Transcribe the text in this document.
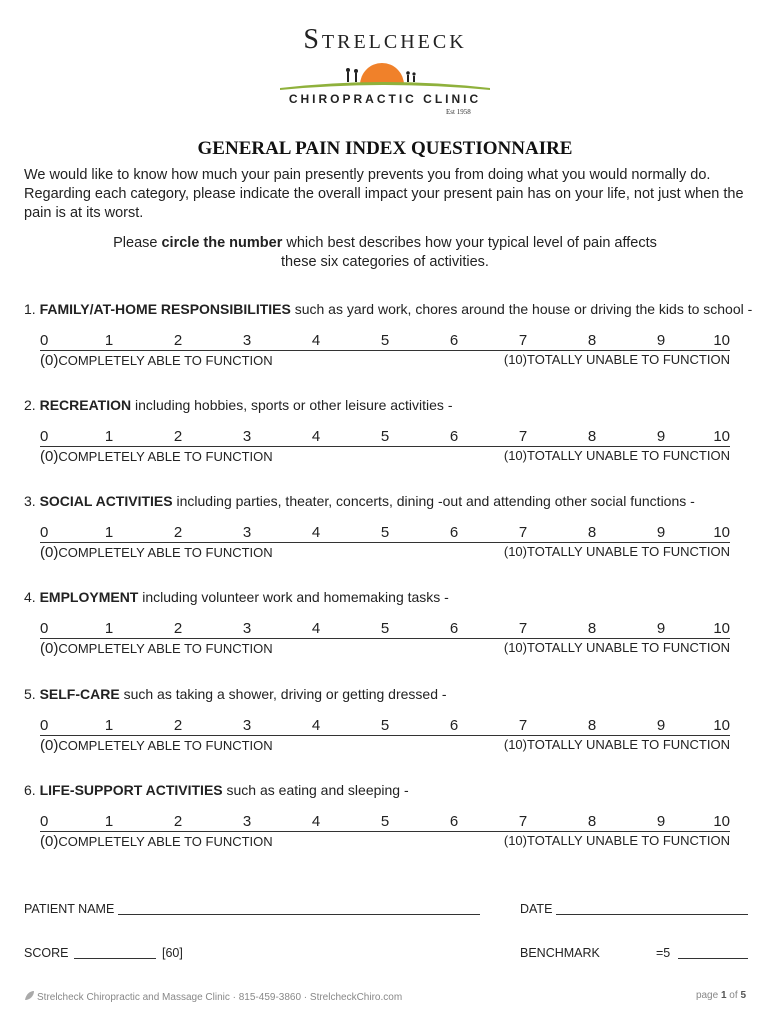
Strelcheck
CHIROPRACTIC CLINIC
Est 1958
GENERAL PAIN INDEX QUESTIONNAIRE
We would like to know how much your pain presently prevents you from doing what you would normally do. Regarding each category, please indicate the overall impact your present pain has on your life, not just when the pain is at its worst.
Please circle the number which best describes how your typical level of pain affects these six categories of activities.
1. FAMILY/AT-HOME RESPONSIBILITIES such as yard work, chores around the house or driving the kids to school -
0	1	2	3	4	5	6	7	8	9	10
(0)COMPLETELY ABLE TO FUNCTION	(10)TOTALLY UNABLE TO FUNCTION
2. RECREATION including hobbies, sports or other leisure activities -
0	1	2	3	4	5	6	7	8	9	10
(0)COMPLETELY ABLE TO FUNCTION	(10)TOTALLY UNABLE TO FUNCTION
3. SOCIAL ACTIVITIES including parties, theater, concerts, dining -out and attending other social functions -
0	1	2	3	4	5	6	7	8	9	10
(0)COMPLETELY ABLE TO FUNCTION	(10)TOTALLY UNABLE TO FUNCTION
4. EMPLOYMENT including volunteer work and homemaking tasks -
0	1	2	3	4	5	6	7	8	9	10
(0)COMPLETELY ABLE TO FUNCTION	(10)TOTALLY UNABLE TO FUNCTION
5. SELF-CARE such as taking a shower, driving or getting dressed -
0	1	2	3	4	5	6	7	8	9	10
(0)COMPLETELY ABLE TO FUNCTION	(10)TOTALLY UNABLE TO FUNCTION
6. LIFE-SUPPORT ACTIVITIES such as eating and sleeping -
0	1	2	3	4	5	6	7	8	9	10
(0)COMPLETELY ABLE TO FUNCTION	(10)TOTALLY UNABLE TO FUNCTION
PATIENT NAME	DATE
SCORE	[60]	BENCHMARK	=5
Strelcheck Chiropractic and Massage Clinic · 815-459-3860 · StrelcheckChiro.com	page 1 of 5
